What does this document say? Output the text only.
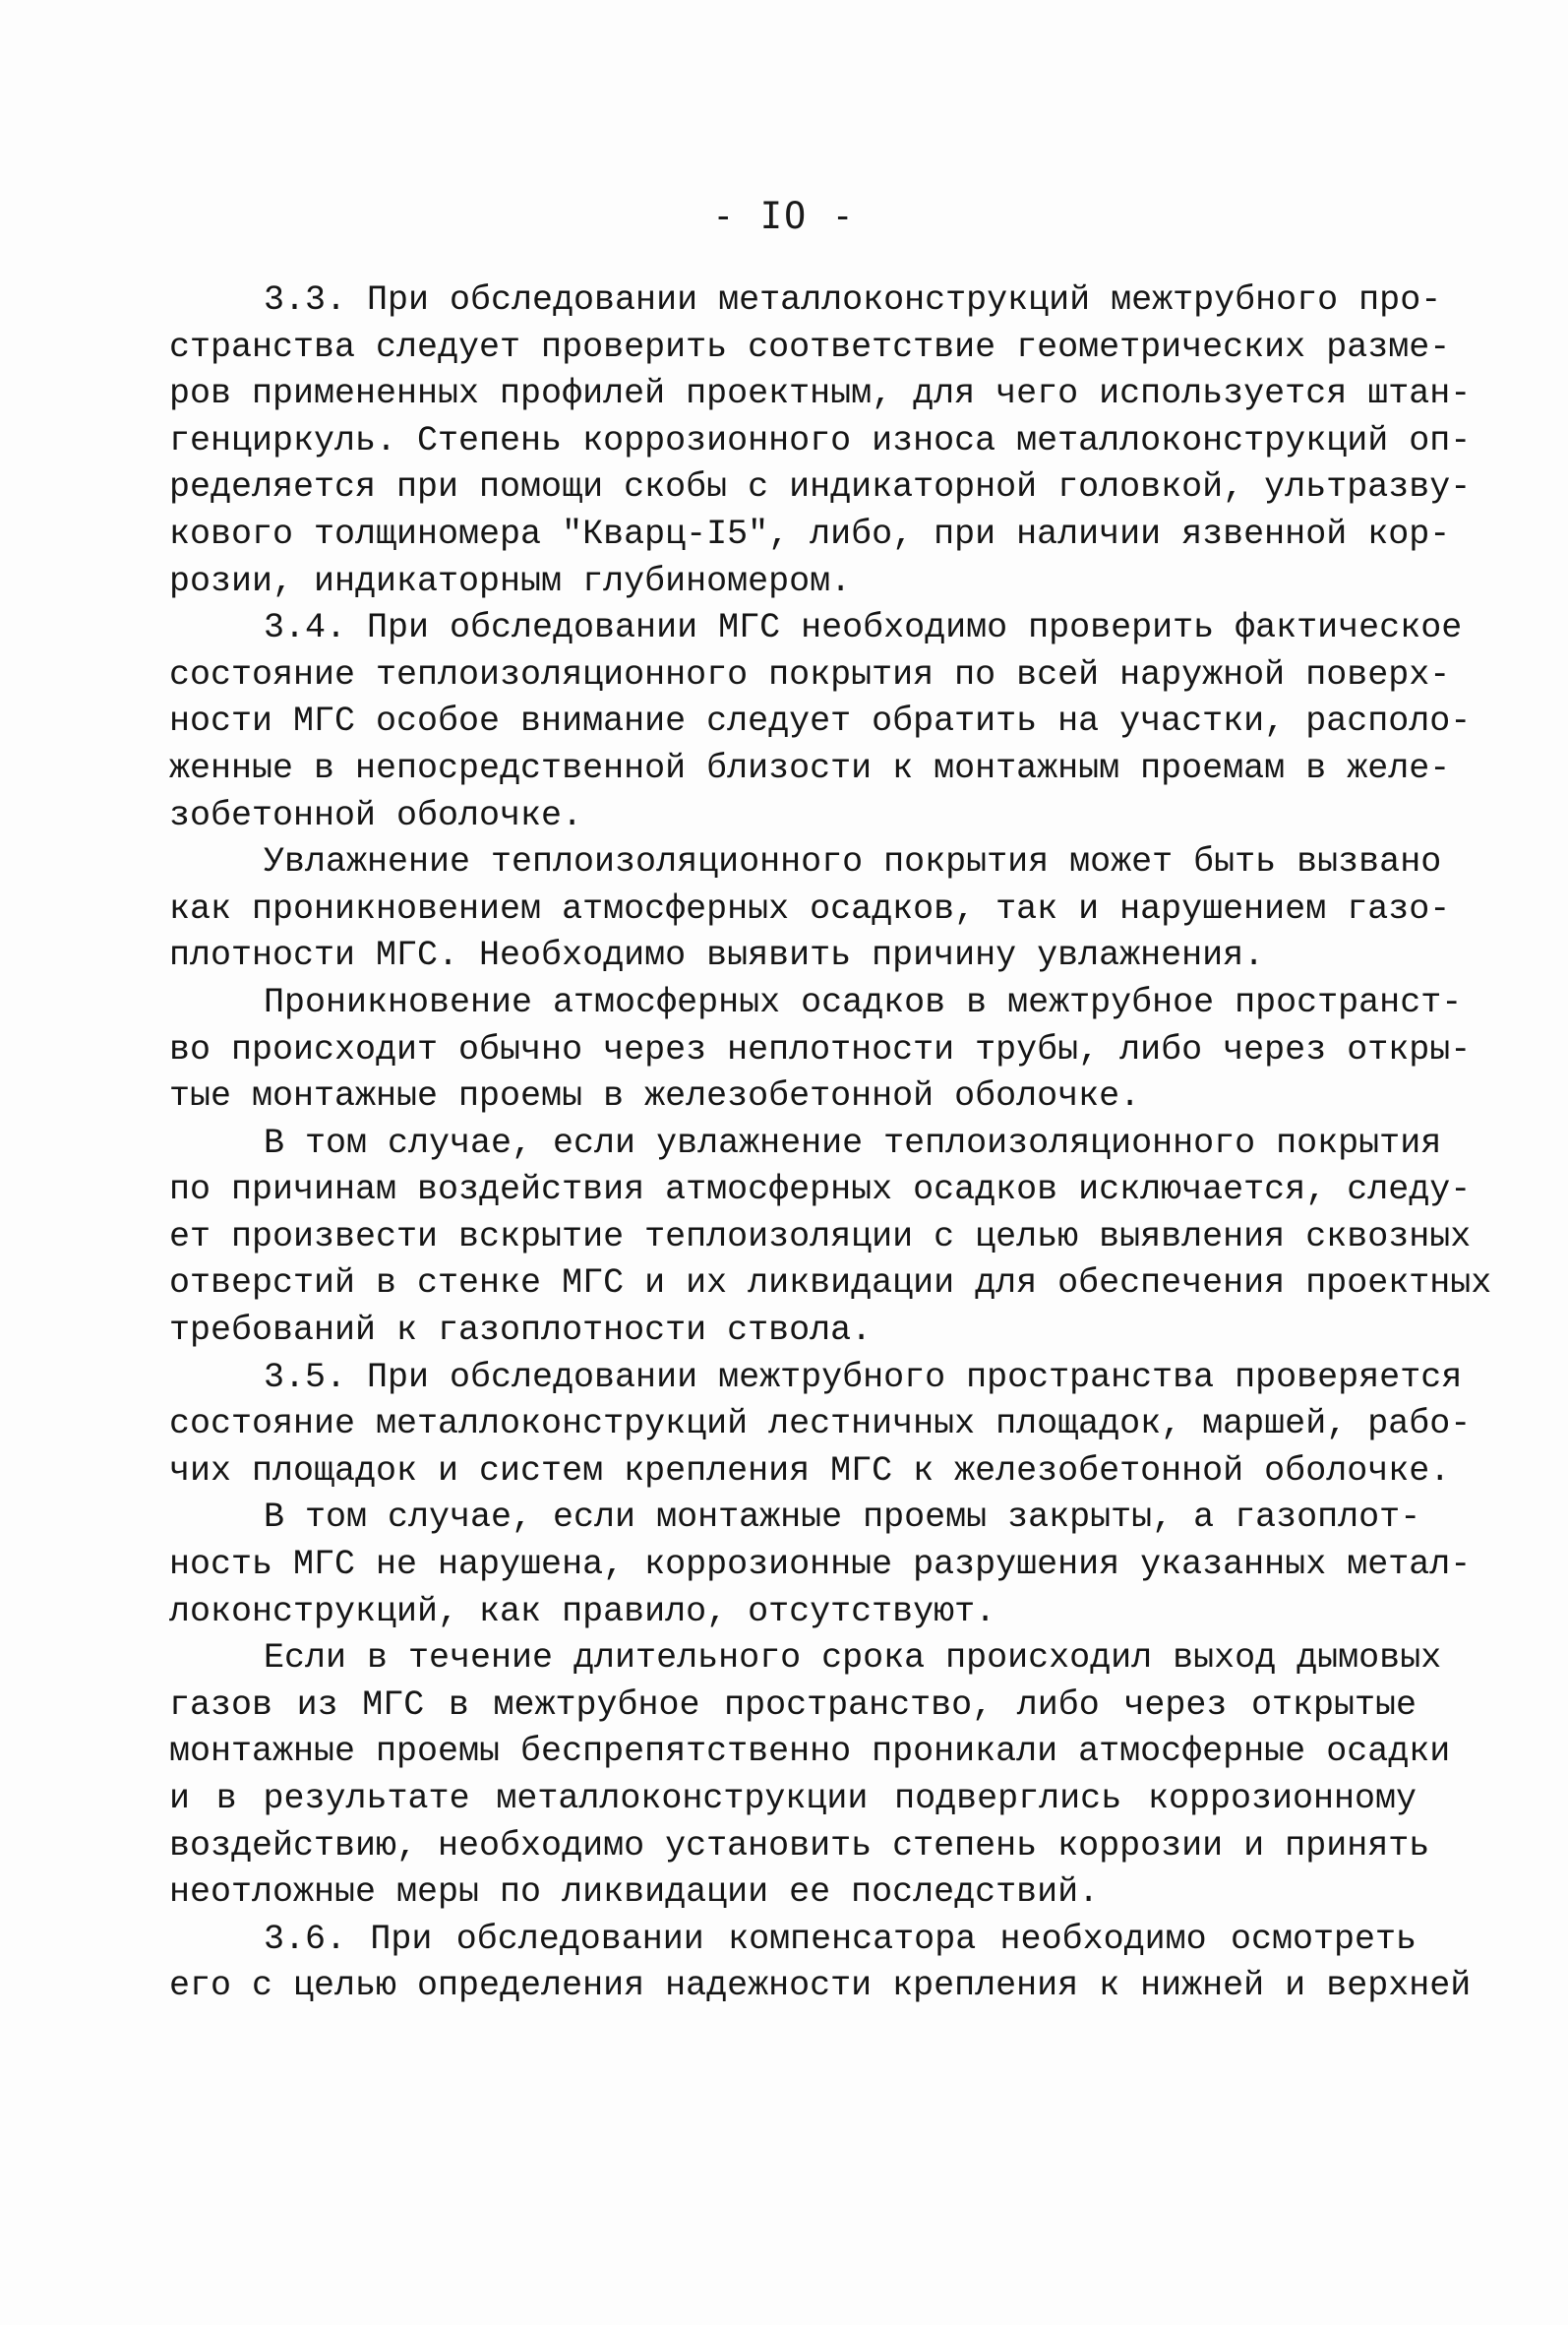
- IO -
3.3. При обследовании металлоконструкций межтрубного про-
странства следует проверить соответствие геометрических разме-
ров примененных профилей проектным, для чего используется штан-
генциркуль. Степень коррозионного износа металлоконструкций оп-
ределяется при помощи скобы с индикаторной головкой, ультразву-
кового толщиномера "Кварц-I5", либо, при наличии язвенной кор-
розии, индикаторным глубиномером.
3.4. При обследовании МГС необходимо проверить фактическое
состояние теплоизоляционного покрытия по всей наружной поверх-
ности МГС особое внимание следует обратить на участки, располо-
женные в непосредственной близости к монтажным проемам в желе-
зобетонной оболочке.
Увлажнение теплоизоляционного покрытия может быть вызвано
как проникновением атмосферных осадков, так и нарушением газо-
плотности МГС. Необходимо выявить причину увлажнения.
Проникновение атмосферных осадков в межтрубное пространст-
во происходит обычно через неплотности трубы, либо через откры-
тые монтажные проемы в железобетонной оболочке.
В том случае, если увлажнение теплоизоляционного покрытия
по причинам воздействия атмосферных осадков исключается, следу-
ет произвести вскрытие теплоизоляции с целью выявления сквозных
отверстий в стенке МГС и их ликвидации для обеспечения проектных
требований к газоплотности ствола.
3.5. При обследовании межтрубного пространства проверяется
состояние металлоконструкций лестничных площадок, маршей, рабо-
чих площадок и систем крепления МГС к железобетонной оболочке.
В том случае, если монтажные проемы закрыты, а газоплот-
ность МГС не нарушена, коррозионные разрушения указанных метал-
локонструкций, как правило, отсутствуют.
Если в течение длительного срока происходил выход дымовых
газов из МГС в межтрубное пространство, либо через открытые
монтажные проемы беспрепятственно проникали атмосферные осадки
и в результате металлоконструкции подверглись коррозионному
воздействию, необходимо установить степень коррозии и принять
неотложные меры по ликвидации ее последствий.
3.6. При обследовании компенсатора необходимо осмотреть
его с целью определения надежности крепления к нижней и верхней
